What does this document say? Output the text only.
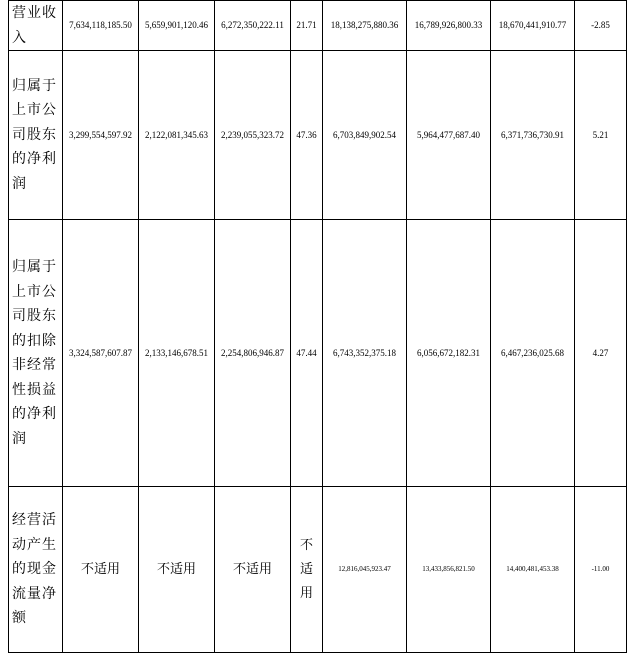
营业收入	7,634,118,185.50	5,659,901,120.46	6,272,350,222.11	21.71	18,138,275,880.36	16,789,926,800.33	18,670,441,910.77	-2.85
归属于上市公司股东的净利润	3,299,554,597.92	2,122,081,345.63	2,239,055,323.72	47.36	6,703,849,902.54	5,964,477,687.40	6,371,736,730.91	5.21
归属于上市公司股东的扣除非经常性损益的净利润	3,324,587,607.87	2,133,146,678.51	2,254,806,946.87	47.44	6,743,352,375.18	6,056,672,182.31	6,467,236,025.68	4.27
经营活动产生的现金流量净额	不适用	不适用	不适用	不适用	12,816,045,923.47	13,433,856,821.50	14,400,481,453.38	-11.00
